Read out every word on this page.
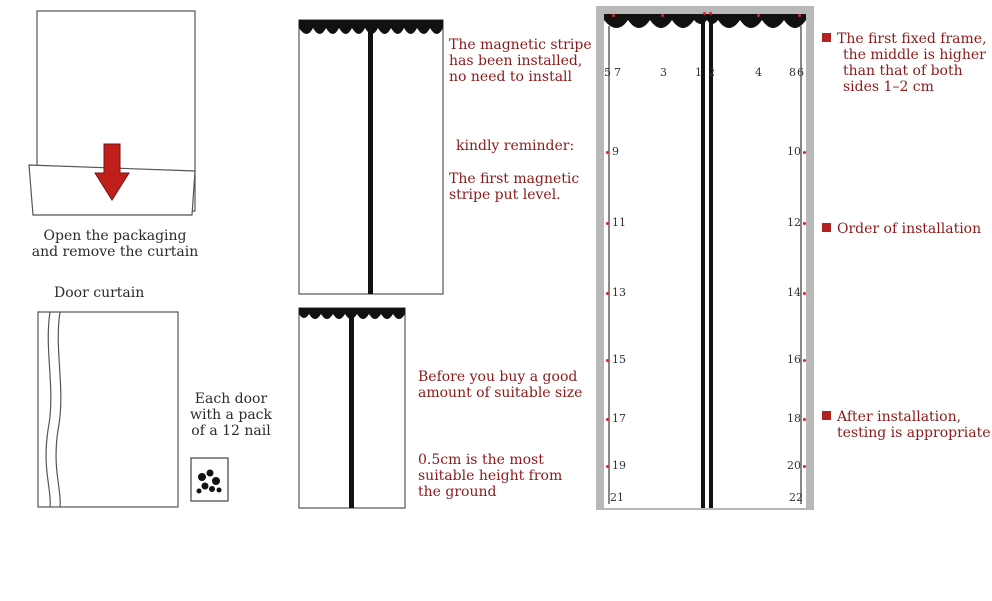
Open the packaging
and remove the curtain
Door curtain
Each door
with a pack
of a 12 nail
The magnetic stripe
has been installed,
no need to install
kindly reminder:
The first magnetic
stripe put level.
Before you buy a good
amount of suitable size
0.5cm is the most
suitable height from
the ground
5 7	3	1 2	4 8 6
9
11
13
15
17
19
21
10
12
14
16
18
20
22
The first fixed frame,
the middle is higher
than that of both
sides 1–2 cm
Order of installation
After installation,
testing is appropriate
